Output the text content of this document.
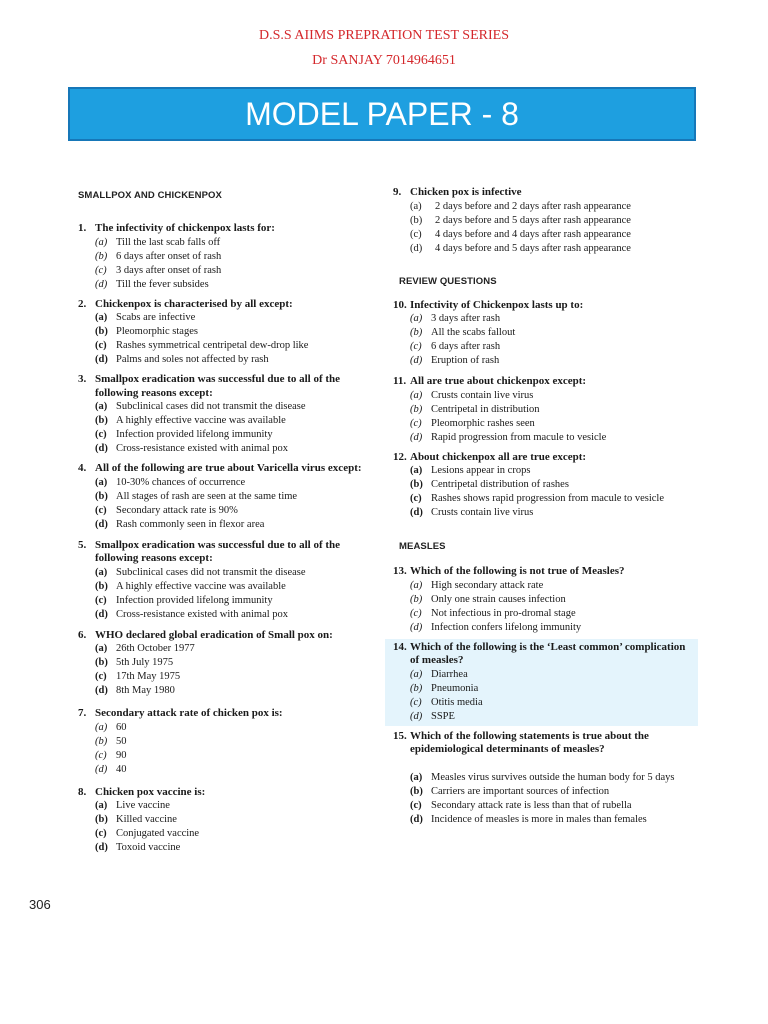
D.S.S AIIMS PREPRATION TEST SERIES
Dr SANJAY 7014964651
MODEL PAPER - 8
SMALLPOX AND CHICKENPOX
1. The infectivity of chickenpox lasts for:
(a) Till the last scab falls off
(b) 6 days after onset of rash
(c) 3 days after onset of rash
(d) Till the fever subsides
2. Chickenpox is characterised by all except:
(a) Scabs are infective
(b) Pleomorphic stages
(c) Rashes symmetrical centripetal dew-drop like
(d) Palms and soles not affected by rash
3. Smallpox eradication was successful due to all of the following reasons except:
(a) Subclinical cases did not transmit the disease
(b) A highly effective vaccine was available
(c) Infection provided lifelong immunity
(d) Cross-resistance existed with animal pox
4. All of the following are true about Varicella virus except:
(a) 10-30% chances of occurrence
(b) All stages of rash are seen at the same time
(c) Secondary attack rate is 90%
(d) Rash commonly seen in flexor area
5. Smallpox eradication was successful due to all of the following reasons except:
(a) Subclinical cases did not transmit the disease
(b) A highly effective vaccine was available
(c) Infection provided lifelong immunity
(d) Cross-resistance existed with animal pox
6. WHO declared global eradication of Small pox on:
(a) 26th October 1977
(b) 5th July 1975
(c) 17th May 1975
(d) 8th May 1980
7. Secondary attack rate of chicken pox is:
(a) 60
(b) 50
(c) 90
(d) 40
8. Chicken pox vaccine is:
(a) Live vaccine
(b) Killed vaccine
(c) Conjugated vaccine
(d) Toxoid vaccine
9. Chicken pox is infective
(a)	2 days before and 2 days after rash appearance
(b)	2 days before and 5 days after rash appearance
(c)	4 days before and 4 days after rash appearance
(d)	4 days before and 5 days after rash appearance
REVIEW QUESTIONS
10. Infectivity of Chickenpox lasts up to:
(a) 3 days after rash
(b) All the scabs fallout
(c) 6 days after rash
(d) Eruption of rash
11. All are true about chickenpox except:
(a) Crusts contain live virus
(b) Centripetal in distribution
(c) Pleomorphic rashes seen
(d) Rapid progression from macule to vesicle
12. About chickenpox all are true except:
(a) Lesions appear in crops
(b) Centripetal distribution of rashes
(c) Rashes shows rapid progression from macule to vesicle
(d) Crusts contain live virus
MEASLES
13. Which of the following is not true of Measles?
(a) High secondary attack rate
(b) Only one strain causes infection
(c) Not infectious in pro-dromal stage
(d) Infection confers lifelong immunity
14. Which of the following is the ‘Least common’ complication of measles?
(a) Diarrhea
(b) Pneumonia
(c) Otitis media
(d) SSPE
15. Which of the following statements is true about the epidemiological determinants of measles?
(a) Measles virus survives outside the human body for 5 days
(b) Carriers are important sources of infection
(c) Secondary attack rate is less than that of rubella
(d) Incidence of measles is more in males than females
306
